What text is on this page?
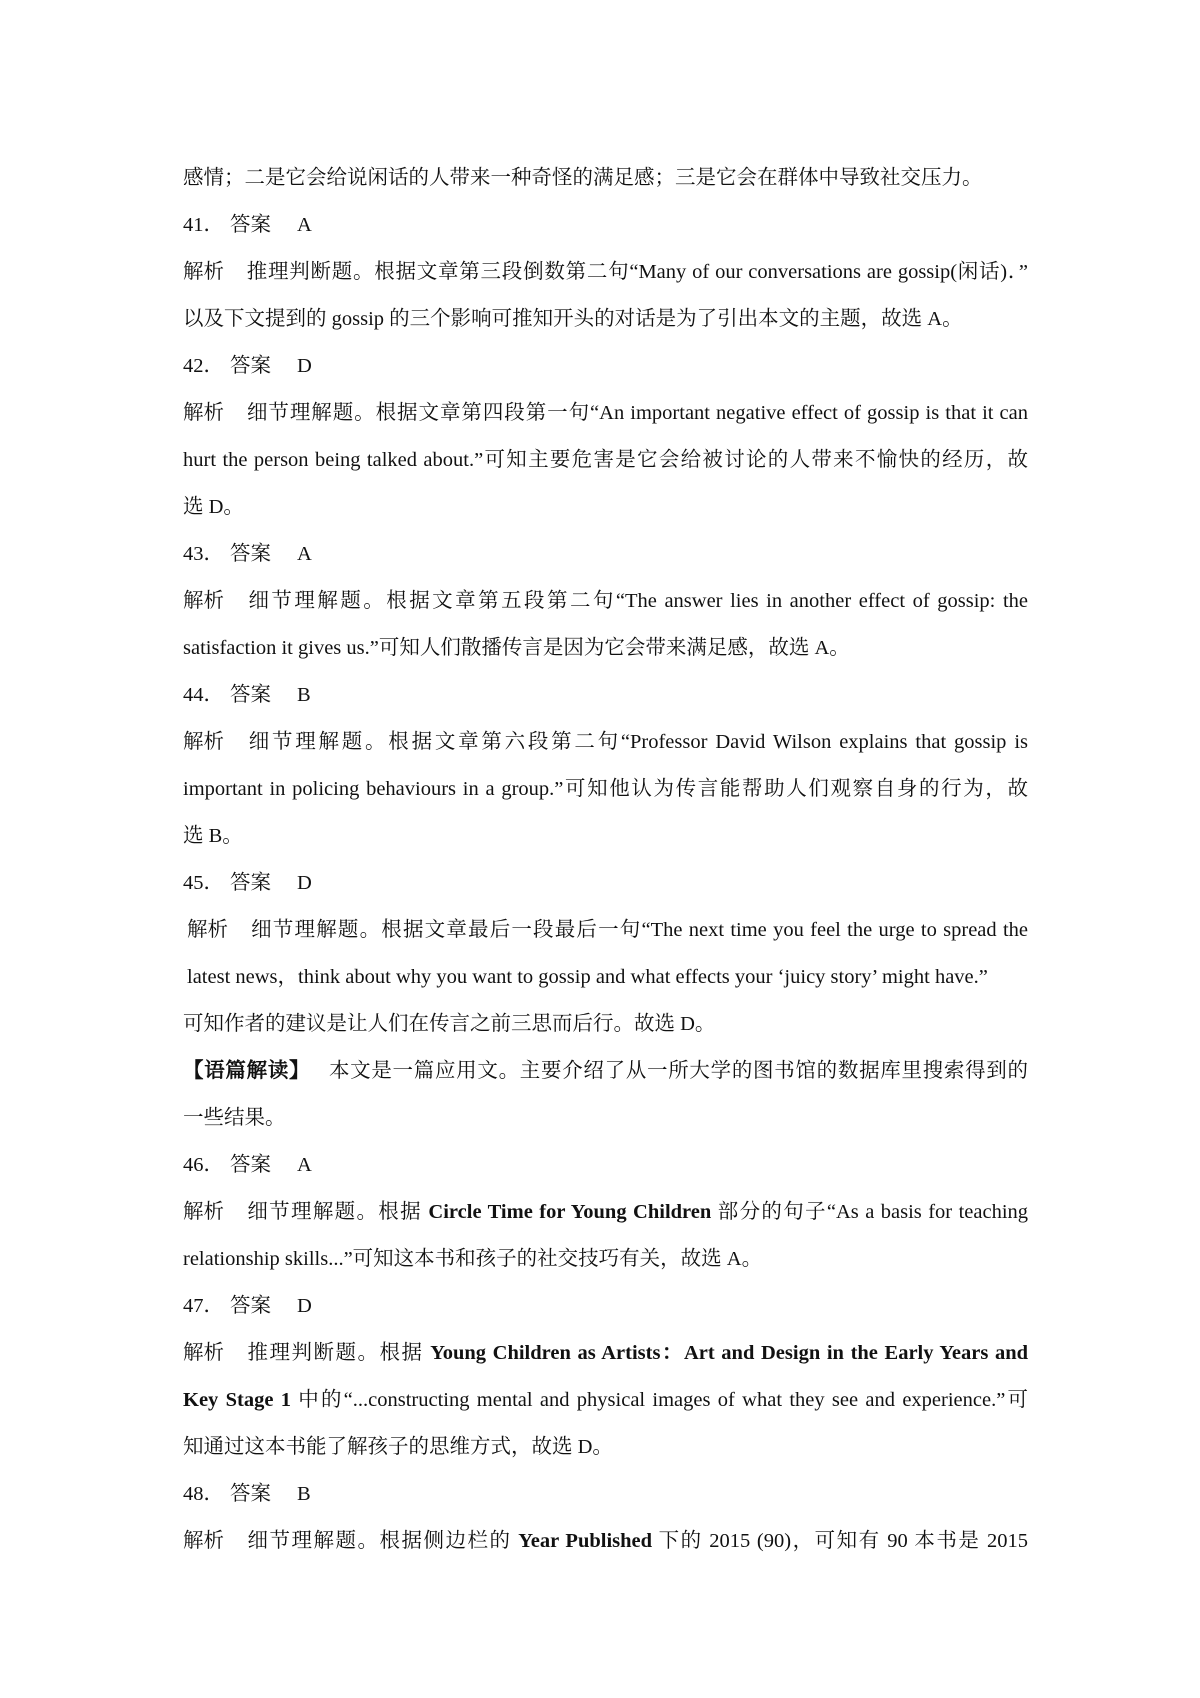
感情；二是它会给说闲话的人带来一种奇怪的满足感；三是它会在群体中导致社交压力。
41． 答案 A
解析 推理判断题。根据文章第三段倒数第二句“Many of our conversations are gossip(闲话)．”
以及下文提到的 gossip 的三个影响可推知开头的对话是为了引出本文的主题，故选 A。
42． 答案 D
解析 细节理解题。根据文章第四段第一句“An important negative effect of gossip is that it can
hurt the person being talked about.”可知主要危害是它会给被讨论的人带来不愉快的经历，故
选 D。
43． 答案 A
解析 细节理解题。根据文章第五段第二句“The answer lies in another effect of gossip: the
satisfaction it gives us.”可知人们散播传言是因为它会带来满足感，故选 A。
44． 答案 B
解析 细节理解题。根据文章第六段第二句“Professor David Wilson explains that gossip is
important in policing behaviours in a group.”可知他认为传言能帮助人们观察自身的行为，故
选 B。
45． 答案 D
解析 细节理解题。根据文章最后一段最后一句“The next time you feel the urge to spread the
latest news，think about why you want to gossip and what effects your ‘juicy story’ might have.”
可知作者的建议是让人们在传言之前三思而后行。故选 D。
【语篇解读】 本文是一篇应用文。主要介绍了从一所大学的图书馆的数据库里搜索得到的
一些结果。
46． 答案 A
解析 细节理解题。根据 Circle Time for Young Children 部分的句子“As a basis for teaching
relationship skills...”可知这本书和孩子的社交技巧有关，故选 A。
47． 答案 D
解析 推理判断题。根据 Young Children as Artists：Art and Design in the Early Years and
Key Stage 1 中的“...constructing mental and physical images of what they see and experience.”可
知通过这本书能了解孩子的思维方式，故选 D。
48． 答案 B
解析 细节理解题。根据侧边栏的 Year Published 下的 2015 (90)，可知有 90 本书是 2015
